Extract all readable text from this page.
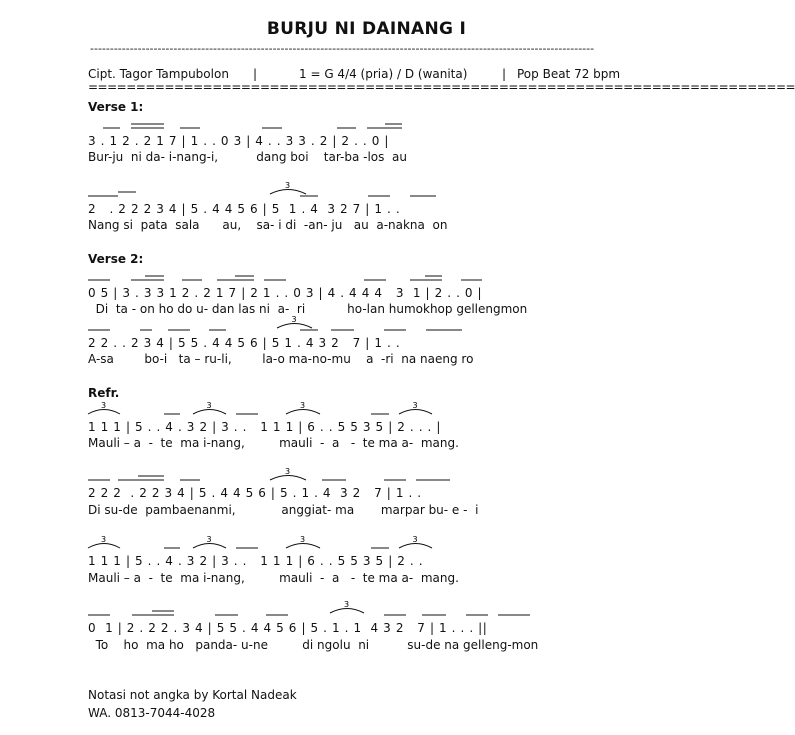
BURJU NI DAINANG I
-------------------------------------------------------------------------------------------------------------------------------
Cipt. Tagor Tampubolon |	1 = G 4/4 (pria) / D (wanita)	| Pop Beat 72 bpm
==========================================================================
Verse 1:
3 . 1 2 . 2 1 7 | 1 . . 0 3 | 4 . . 3 3 . 2 | 2 . . 0 |
Bur-ju  ni da- i-nang-i,          dang boi    tar-ba -los  au
2   . 2 2 2 3 4 | 5 . 4 4 5 6 | 5  1 . 4  3 2 7 | 1 . .
Nang si  pata  sala      au,    sa- i di  -an- ju   au  a-nakna  on
Verse 2:
0 5 | 3 . 3 3 1 2 . 2 1 7 | 2 1 . . 0 3 | 4 . 4 4 4   3  1 | 2 . . 0 |
Di  ta - on ho do u- dan las ni  a-  ri           ho-lan humokhop gellengmon
2 2 . . 2 3 4 | 5 5 . 4 4 5 6 | 5 1 . 4 3 2   7 | 1 . .
A-sa        bo-i   ta – ru-li,        la-o ma-no-mu    a  -ri  na naeng ro
Refr.
1 1 1 | 5 . . 4 . 3 2 | 3 . .   1 1 1 | 6 . . 5 5 3 5 | 2 . . . |
Mauli – a  -  te  ma i-nang,         mauli  -  a   -  te ma a-  mang.
2 2 2  . 2 2 3 4 | 5 . 4 4 5 6 | 5 . 1 . 4  3 2   7 | 1 . .
Di su-de  pambaenanmi,            anggiat- ma       marpar bu- e -  i
1 1 1 | 5 . . 4 . 3 2 | 3 . .   1 1 1 | 6 . . 5 5 3 5 | 2 . .
Mauli – a  -  te  ma i-nang,         mauli  -  a   -  te ma a-  mang.
0  1 | 2 . 2 2 . 3 4 | 5 5 . 4 4 5 6 | 5 . 1 . 1  4 3 2   7 | 1 . . . ||
To    ho  ma ho   panda- u-ne         di ngolu  ni          su-de na gelleng-mon
Notasi not angka by Kortal Nadeak
WA. 0813-7044-4028
3
3
3	3	3	3
3
3	3	3	3
3
